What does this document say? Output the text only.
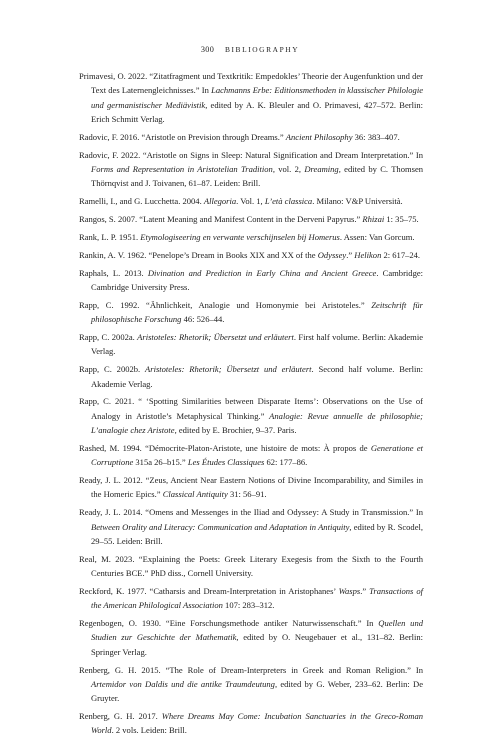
300 BIBLIOGRAPHY

Primavesi, O. 2022. “Zitatfragment und Textkritik: Empedokles’ Theorie der Augenfunktion und der Text des Laternengleichnisses.” In Lachmanns Erbe: Editionsmethoden in klassischer Philologie und germanistischer Mediävistik, edited by A. K. Bleuler and O. Primavesi, 427–572. Berlin: Erich Schmitt Verlag.

Radovic, F. 2016. “Aristotle on Prevision through Dreams.” Ancient Philosophy 36: 383–407.

Radovic, F. 2022. “Aristotle on Signs in Sleep: Natural Signification and Dream Interpretation.” In Forms and Representation in Aristotelian Tradition, vol. 2, Dreaming, edited by C. Thomsen Thörnqvist and J. Toivanen, 61–87. Leiden: Brill.

Ramelli, I., and G. Lucchetta. 2004. Allegoria. Vol. 1, L’età classica. Milano: V&P Università.

Rangos, S. 2007. “Latent Meaning and Manifest Content in the Derveni Papyrus.” Rhizai 1: 35–75.

Rank, L. P. 1951. Etymologiseering en verwante verschijnselen bij Homerus. Assen: Van Gorcum.

Rankin, A. V. 1962. “Penelope’s Dream in Books XIX and XX of the Odyssey.” Helikon 2: 617–24.

Raphals, L. 2013. Divination and Prediction in Early China and Ancient Greece. Cambridge: Cambridge University Press.

Rapp, C. 1992. “Ähnlichkeit, Analogie und Homonymie bei Aristoteles.” Zeitschrift für philosophische Forschung 46: 526–44.

Rapp, C. 2002a. Aristoteles: Rhetorik; Übersetzt und erläutert. First half volume. Berlin: Akademie Verlag.

Rapp, C. 2002b. Aristoteles: Rhetorik; Übersetzt und erläutert. Second half volume. Berlin: Akademie Verlag.

Rapp, C. 2021. “ ‘Spotting Similarities between Disparate Items’: Observations on the Use of Analogy in Aristotle’s Metaphysical Thinking.” Analogie: Revue annuelle de philosophie; L’analogie chez Aristote, edited by E. Brochier, 9–37. Paris.

Rashed, M. 1994. “Démocrite-Platon-Aristote, une histoire de mots: À propos de Generatione et Corruptione 315a 26–b15.” Les Études Classiques 62: 177–86.

Ready, J. L. 2012. “Zeus, Ancient Near Eastern Notions of Divine Incomparability, and Similes in the Homeric Epics.” Classical Antiquity 31: 56–91.

Ready, J. L. 2014. “Omens and Messenges in the Iliad and Odyssey: A Study in Transmission.” In Between Orality and Literacy: Communication and Adaptation in Antiquity, edited by R. Scodel, 29–55. Leiden: Brill.

Real, M. 2023. “Explaining the Poets: Greek Literary Exegesis from the Sixth to the Fourth Centuries BCE.” PhD diss., Cornell University.

Reckford, K. 1977. “Catharsis and Dream-Interpretation in Aristophanes’ Wasps.” Transactions of the American Philological Association 107: 283–312.

Regenbogen, O. 1930. “Eine Forschungsmethode antiker Naturwissenschaft.” In Quellen und Studien zur Geschichte der Mathematik, edited by O. Neugebauer et al., 131–82. Berlin: Springer Verlag.

Renberg, G. H. 2015. “The Role of Dream-Interpreters in Greek and Roman Religion.” In Artemidor von Daldis und die antike Traumdeutung, edited by G. Weber, 233–62. Berlin: De Gruyter.

Renberg, G. H. 2017. Where Dreams May Come: Incubation Sanctuaries in the Greco-Roman World. 2 vols. Leiden: Brill.
